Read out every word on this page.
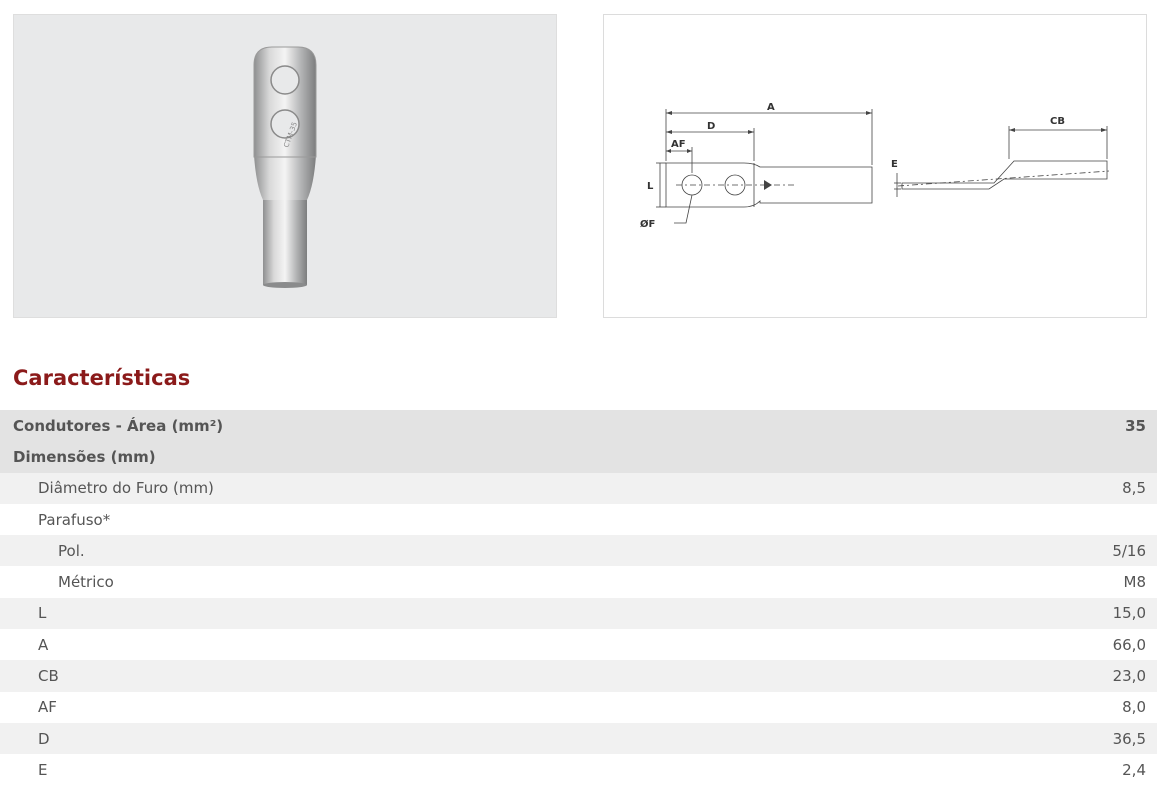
CTM-35
A
D
AF
L
ØF
E
CB
Características
Condutores - Área (mm²)	35
Dimensões (mm)
Diâmetro do Furo (mm)	8,5
Parafuso*
Pol.	5/16
Métrico	M8
L	15,0
A	66,0
CB	23,0
AF	8,0
D	36,5
E	2,4
